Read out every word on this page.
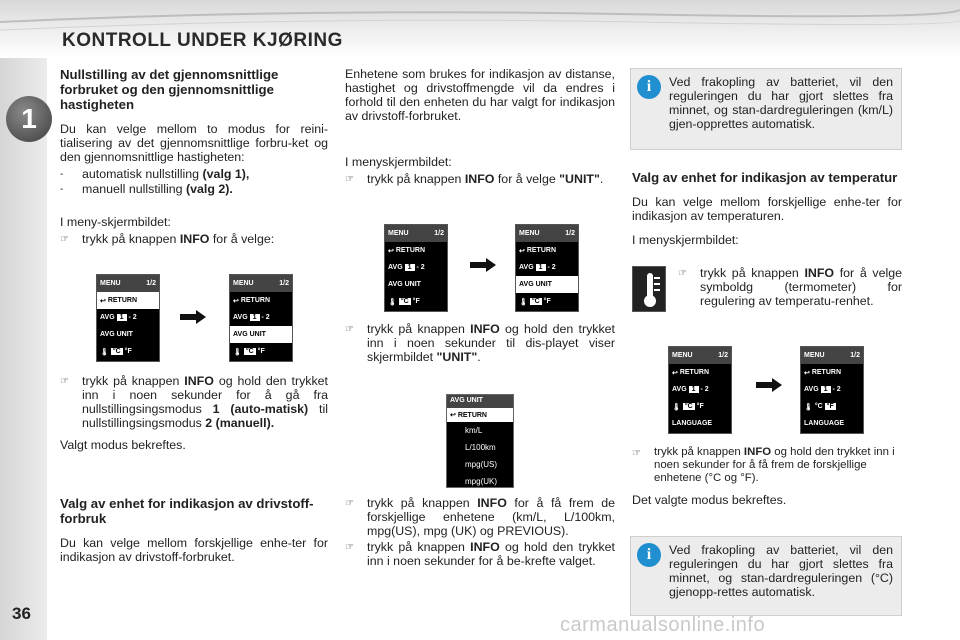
KONTROLL UNDER KJØRING
1
36
Nullstilling av det gjennomsnittlige forbruket og den gjennomsnittlige hastigheten

Du kan velge mellom to modus for reini-tialisering av det gjennomsnittlige forbru-ket og den gjennomsnittlige hastigheten:

-	automatisk nullstilling (valg 1),
-	manuell nullstilling (valg 2).

I meny-skjermbildet:

☞	trykk på knappen INFO for å velge:
MENU	1/2
↩
RETURN
AVG
1
-
2
AVG UNIT
🌡
°C
°F
MENU	1/2
↩
RETURN
AVG
1
-
2
AVG UNIT
🌡
°C
°F
☞	trykk på knappen INFO og hold den trykket inn i noen sekunder for å gå fra nullstillingsingsmodus 1 (auto-matisk) til nullstillingsingsmodus 2 (manuell).

Valgt modus bekreftes.

Valg av enhet for indikasjon av drivstoff-forbruk

Du kan velge mellom forskjellige enhe-ter for indikasjon av drivstoff-forbruket.

Enhetene som brukes for indikasjon av distanse, hastighet og drivstoffmengde vil da endres i forhold til den enheten du har valgt for indikasjon av drivstoff-forbruket.

I menyskjermbildet:

☞	trykk på knappen INFO for å velge "UNIT".
MENU	1/2
↩
RETURN
AVG
1
-
2
AVG UNIT
🌡
°C
°F
MENU	1/2
↩
RETURN
AVG
1
-
2
AVG UNIT
🌡
°C
°F
☞	trykk på knappen INFO og hold den trykket inn i noen sekunder til dis-playet viser skjermbildet "UNIT".
AVG UNIT
↩ RETURN
km/L
L/100km
mpg(US)
mpg(UK)
☞	trykk på knappen INFO for å få frem de forskjellige enhetene (km/L, L/100km, mpg(US), mpg (UK) og PREVIOUS).
☞	trykk på knappen INFO og hold den trykket inn i noen sekunder for å be-krefte valget.
i	Ved frakopling av batteriet, vil den reguleringen du har gjort slettes fra minnet, og stan-dardreguleringen (km/L) gjen-opprettes automatisk.
Valg av enhet for indikasjon av temperatur

Du kan velge mellom forskjellige enhe-ter for indikasjon av temperaturen.

I menyskjermbildet:

☞	trykk på knappen INFO for å velge symboldg (termometer) for regulering av temperatu-renhet.
MENU	1/2
↩
RETURN
AVG
1
-
2
🌡
°C
°F
LANGUAGE
MENU	1/2
↩
RETURN
AVG
1
-
2
🌡
°C
°F
LANGUAGE
☞	trykk på knappen INFO og hold den trykket inn i noen sekunder for å få frem de forskjellige enhetene (°C og °F).

Det valgte modus bekreftes.

i	Ved frakopling av batteriet, vil den reguleringen du har gjort slettes fra minnet, og stan-dardreguleringen (°C) gjenopp-rettes automatisk.
carmanualsonline.info
